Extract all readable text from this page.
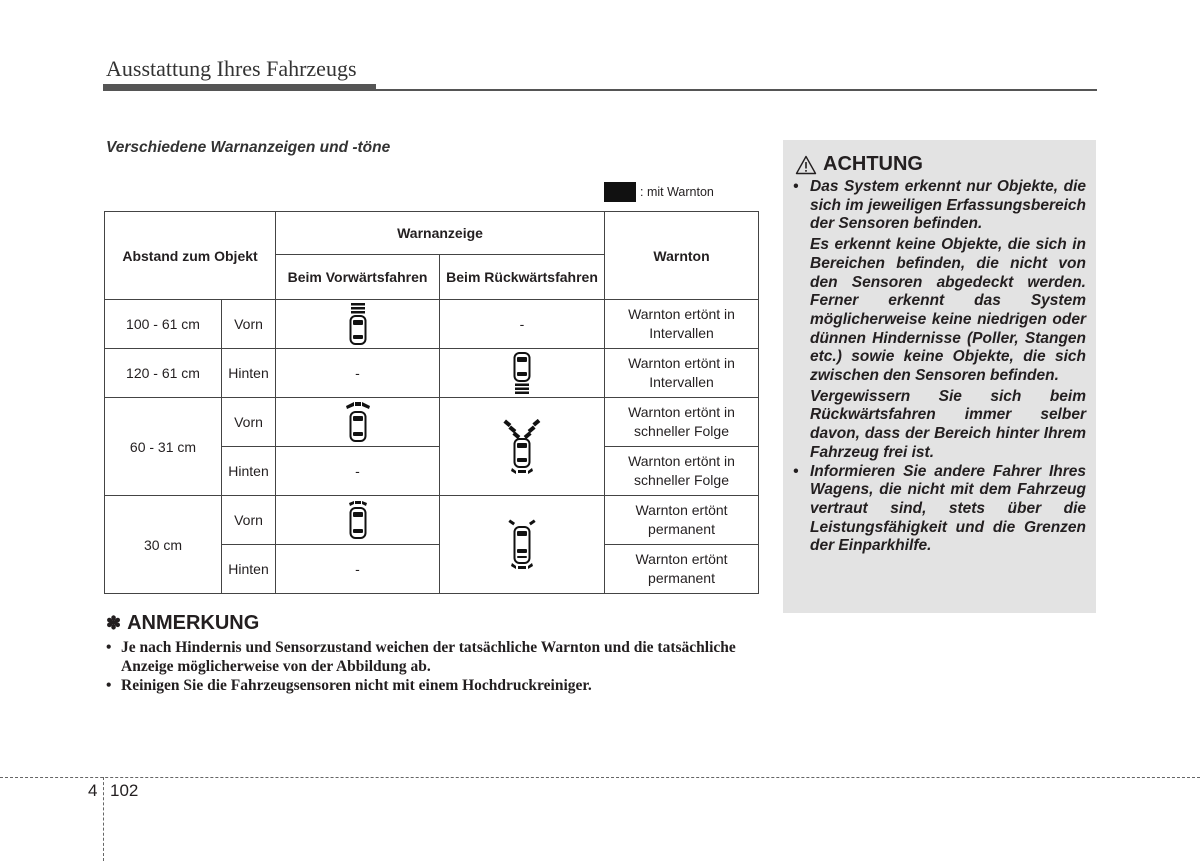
Ausstattung Ihres Fahrzeugs
Verschiedene Warnanzeigen und -töne
: mit Warnton
Abstand zum Objekt		Warnanzeige		Warnton
		Beim Vorwärtsfahren	Beim Rückwärtsfahren	
100 - 61 cm	Vorn		-	Warnton ertönt in Intervallen
120 - 61 cm	Hinten	-		Warnton ertönt in Intervallen
60 - 31 cm	Vorn			Warnton ertönt in schneller Folge
	Hinten	-		Warnton ertönt in schneller Folge
30 cm	Vorn			Warnton ertönt permanent
	Hinten	-		Warnton ertönt permanent
✽ ANMERKUNG
• Je nach Hindernis und Sensorzustand weichen der tatsächliche Warnton und die tatsächliche Anzeige möglicherweise von der Abbildung ab.
• Reinigen Sie die Fahrzeugsensoren nicht mit einem Hochdruckreiniger.
ACHTUNG

• Das System erkennt nur Objekte, die sich im jeweiligen Erfassungsbereich der Sensoren befinden.

Es erkennt keine Objekte, die sich in Bereichen befinden, die nicht von den Sensoren abgedeckt werden. Ferner erkennt das System möglicherweise keine niedrigen oder dünnen Hindernisse (Poller, Stangen etc.) sowie keine Objekte, die sich zwischen den Sensoren befinden.

Vergewissern Sie sich beim Rückwärtsfahren immer selber davon, dass der Bereich hinter Ihrem Fahrzeug frei ist.

• Informieren Sie andere Fahrer Ihres Wagens, die nicht mit dem Fahrzeug vertraut sind, stets über die Leistungsfähigkeit und die Grenzen der Einparkhilfe.
4 102
